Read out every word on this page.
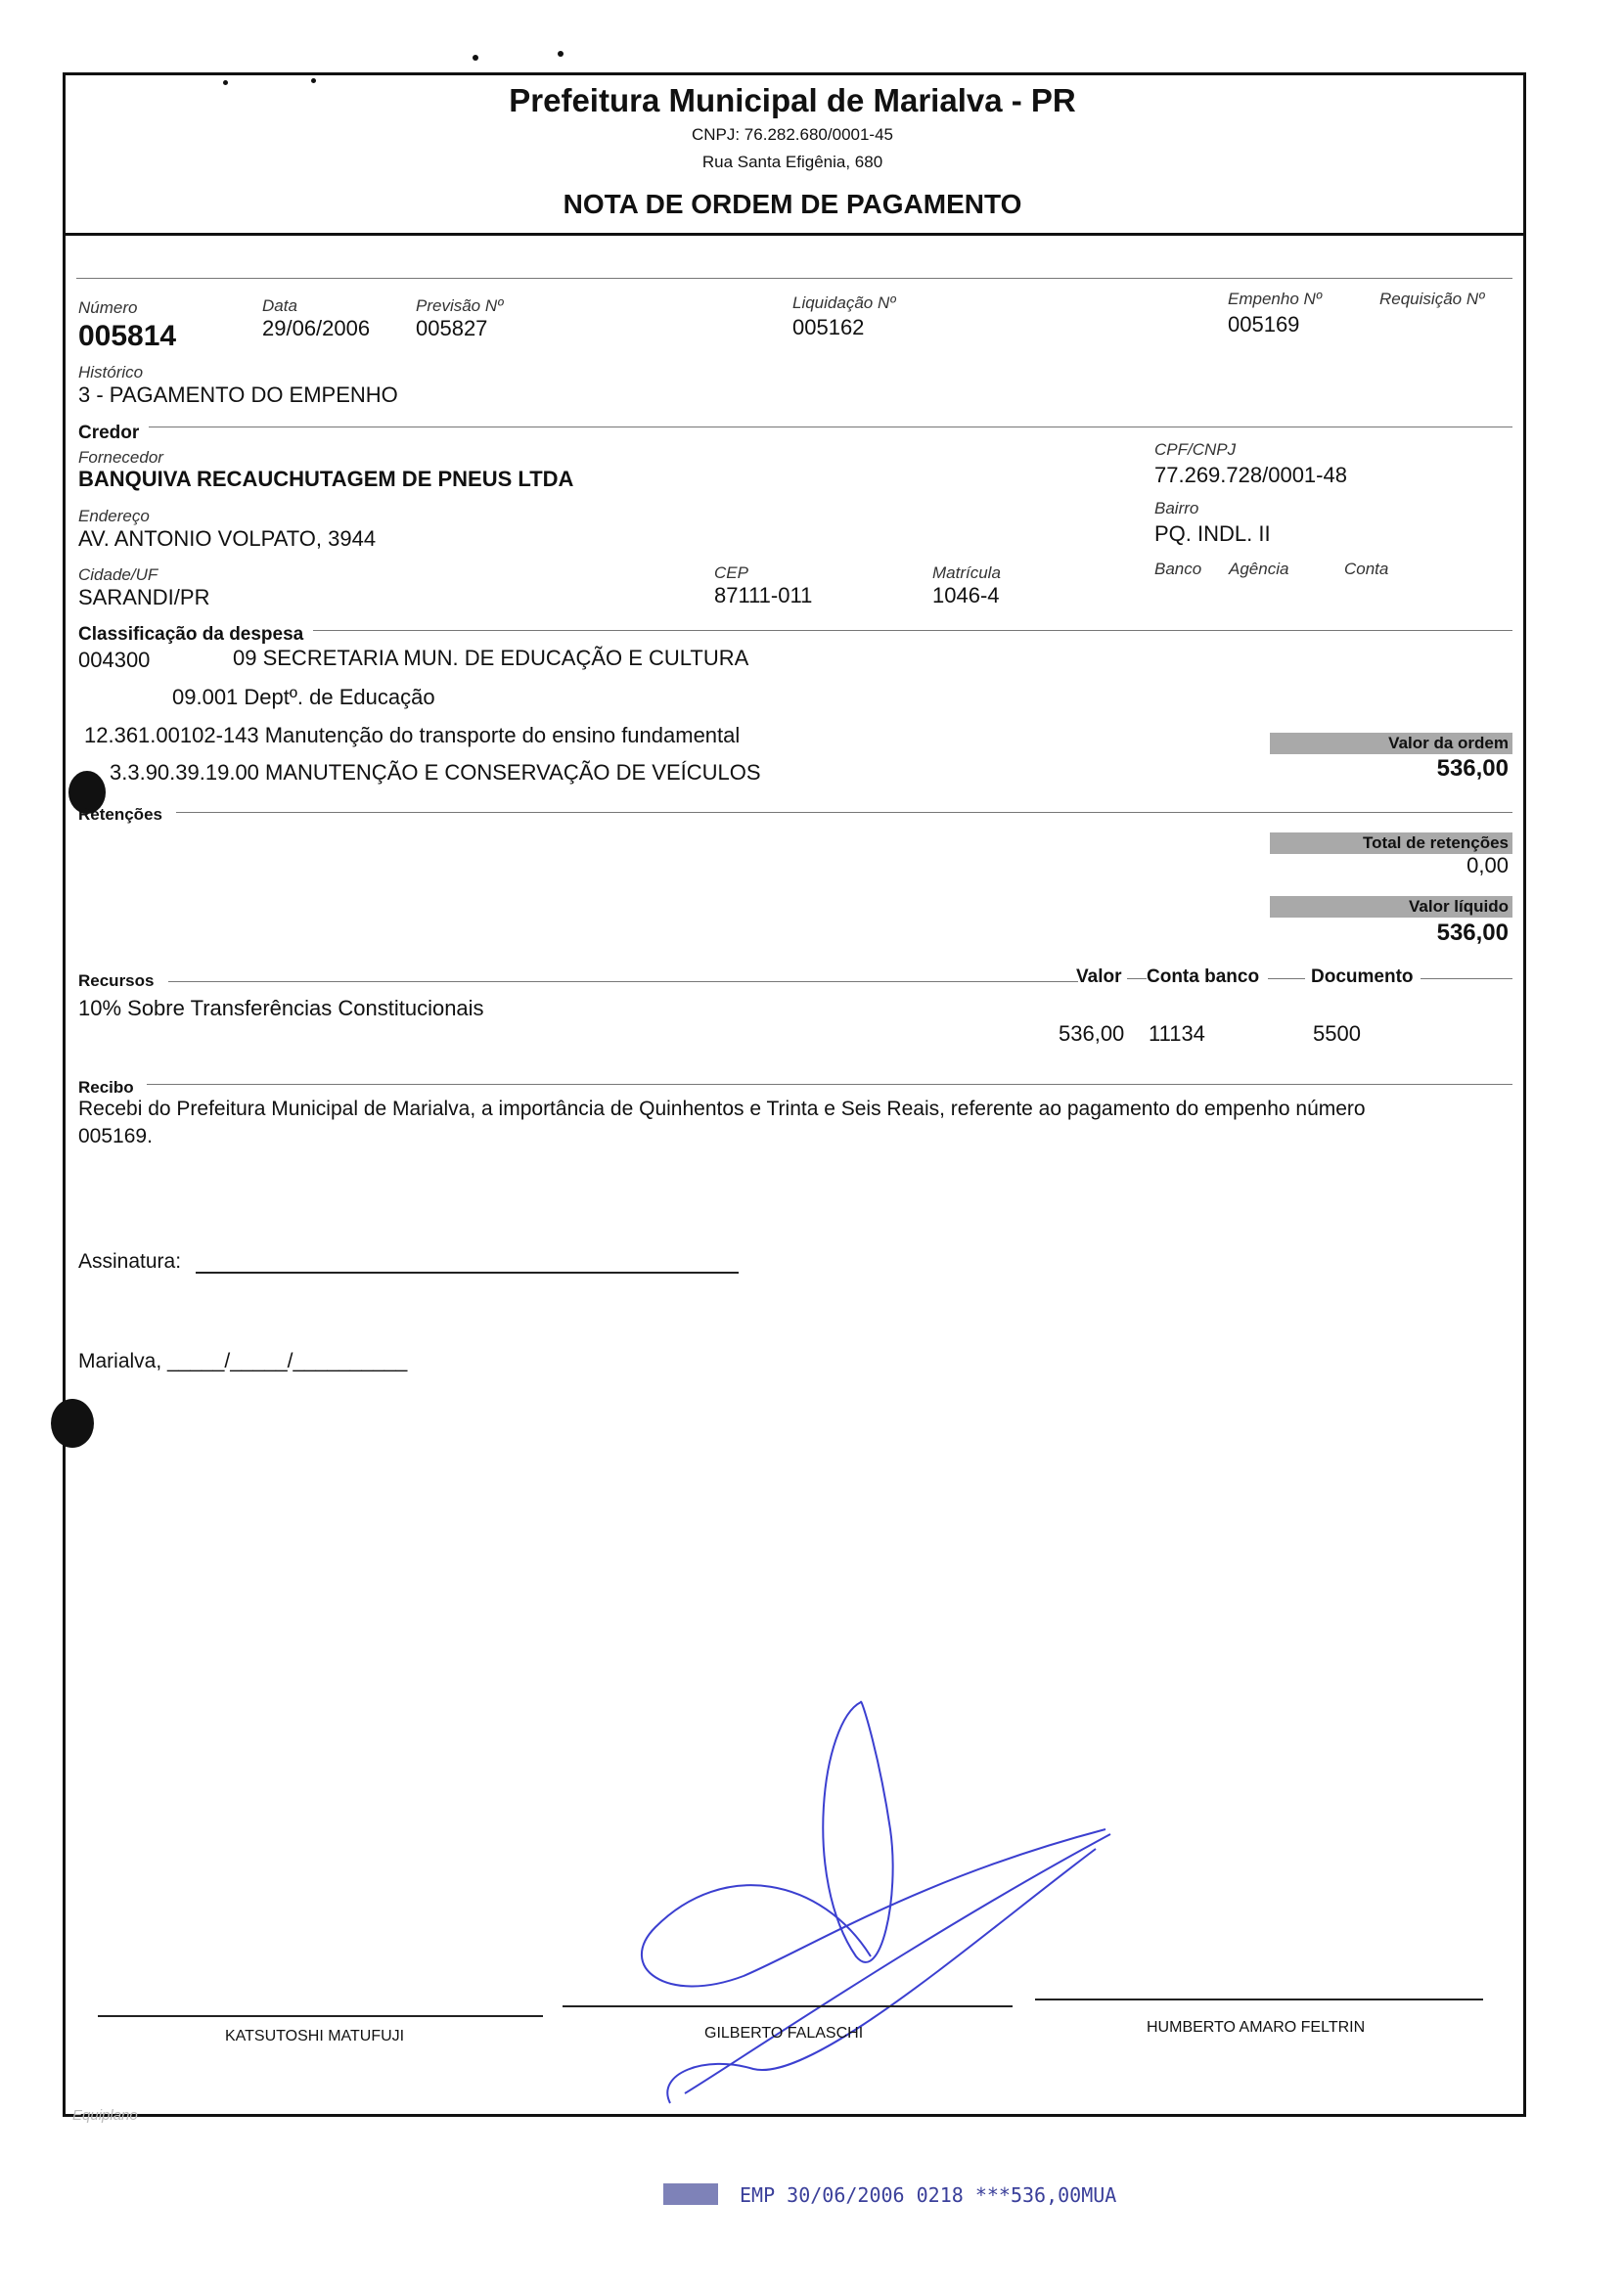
Prefeitura Municipal de Marialva - PR
CNPJ: 76.282.680/0001-45
Rua Santa Efigênia, 680
NOTA DE ORDEM DE PAGAMENTO
Número
005814
Data
29/06/2006
Previsão Nº
005827
Liquidação Nº
005162
Empenho Nº
005169
Requisição Nº
Histórico
3 - PAGAMENTO DO EMPENHO
Credor
Fornecedor
BANQUIVA RECAUCHUTAGEM DE PNEUS LTDA
CPF/CNPJ
77.269.728/0001-48
Endereço
AV. ANTONIO VOLPATO, 3944
Bairro
PQ. INDL. II
Cidade/UF
SARANDI/PR
CEP
87111-011
Matrícula
1046-4
Banco Agência	Conta
Classificação da despesa
004300	09 SECRETARIA MUN. DE EDUCAÇÃO E CULTURA
09.001 Deptº. de Educação
12.361.00102-143 Manutenção do transporte do ensino fundamental
3.3.90.39.19.00 MANUTENÇÃO E CONSERVAÇÃO DE VEÍCULOS
Valor da ordem
536,00
Retenções
Total de retenções
0,00
Valor líquido
536,00
Recursos	Valor Conta banco	Documento
10% Sobre Transferências Constitucionais
536,00 11134	5500
Recibo
Recebi do Prefeitura Municipal de Marialva, a importância de Quinhentos e Trinta e Seis Reais, referente ao pagamento do empenho número
005169.
Assinatura:
Marialva, _____/_____/__________
KATSUTOSHI MATUFUJI	GILBERTO FALASCHI	HUMBERTO AMARO FELTRIN
Equiplano
EMP 30/06/2006 0218 ***536,00MUA
